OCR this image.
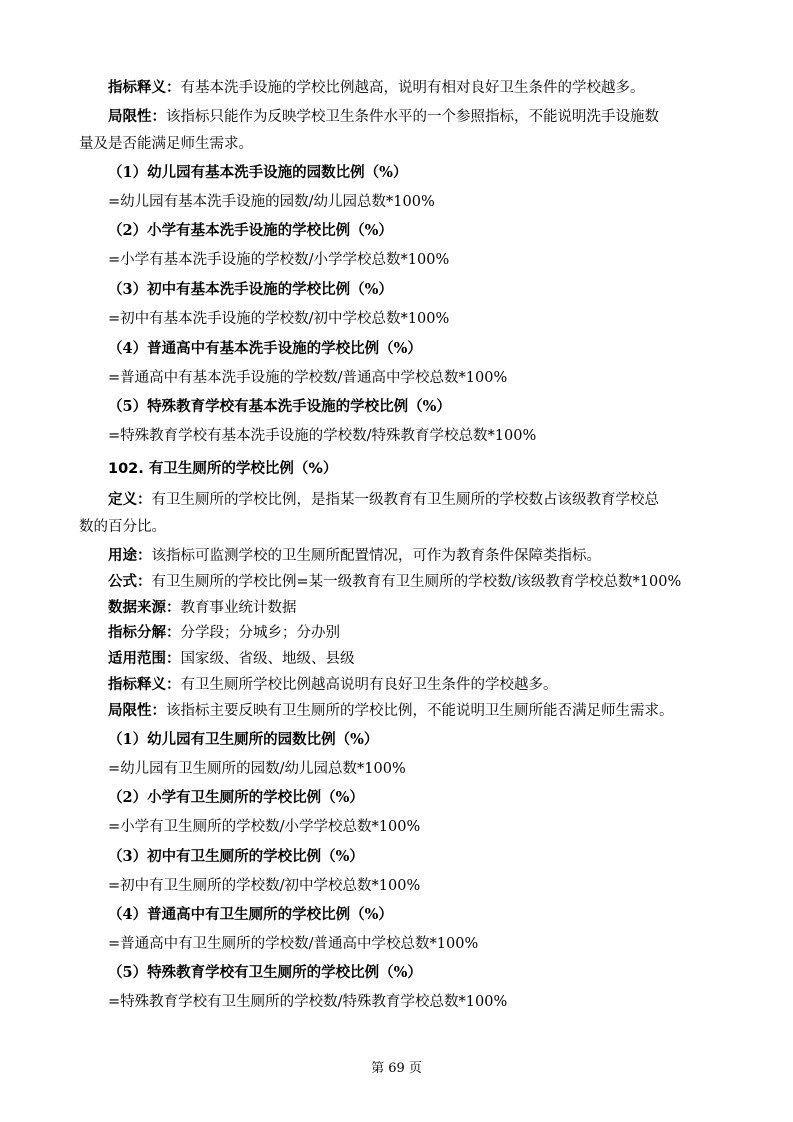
指标释义：有基本洗手设施的学校比例越高，说明有相对良好卫生条件的学校越多。
局限性：该指标只能作为反映学校卫生条件水平的一个参照指标，不能说明洗手设施数
量及是否能满足师生需求。
（1）幼儿园有基本洗手设施的园数比例（%）
=幼儿园有基本洗手设施的园数/幼儿园总数*100%
（2）小学有基本洗手设施的学校比例（%）
=小学有基本洗手设施的学校数/小学学校总数*100%
（3）初中有基本洗手设施的学校比例（%）
=初中有基本洗手设施的学校数/初中学校总数*100%
（4）普通高中有基本洗手设施的学校比例（%）
=普通高中有基本洗手设施的学校数/普通高中学校总数*100%
（5）特殊教育学校有基本洗手设施的学校比例（%）
=特殊教育学校有基本洗手设施的学校数/特殊教育学校总数*100%
102. 有卫生厕所的学校比例（%）
定义：有卫生厕所的学校比例，是指某一级教育有卫生厕所的学校数占该级教育学校总
数的百分比。
用途：该指标可监测学校的卫生厕所配置情况，可作为教育条件保障类指标。
公式：有卫生厕所的学校比例=某一级教育有卫生厕所的学校数/该级教育学校总数*100%
数据来源：教育事业统计数据
指标分解：分学段；分城乡；分办别
适用范围：国家级、省级、地级、县级
指标释义：有卫生厕所学校比例越高说明有良好卫生条件的学校越多。
局限性：该指标主要反映有卫生厕所的学校比例，不能说明卫生厕所能否满足师生需求。
（1）幼儿园有卫生厕所的园数比例（%）
=幼儿园有卫生厕所的园数/幼儿园总数*100%
（2）小学有卫生厕所的学校比例（%）
=小学有卫生厕所的学校数/小学学校总数*100%
（3）初中有卫生厕所的学校比例（%）
=初中有卫生厕所的学校数/初中学校总数*100%
（4）普通高中有卫生厕所的学校比例（%）
=普通高中有卫生厕所的学校数/普通高中学校总数*100%
（5）特殊教育学校有卫生厕所的学校比例（%）
=特殊教育学校有卫生厕所的学校数/特殊教育学校总数*100%
第 69 页
